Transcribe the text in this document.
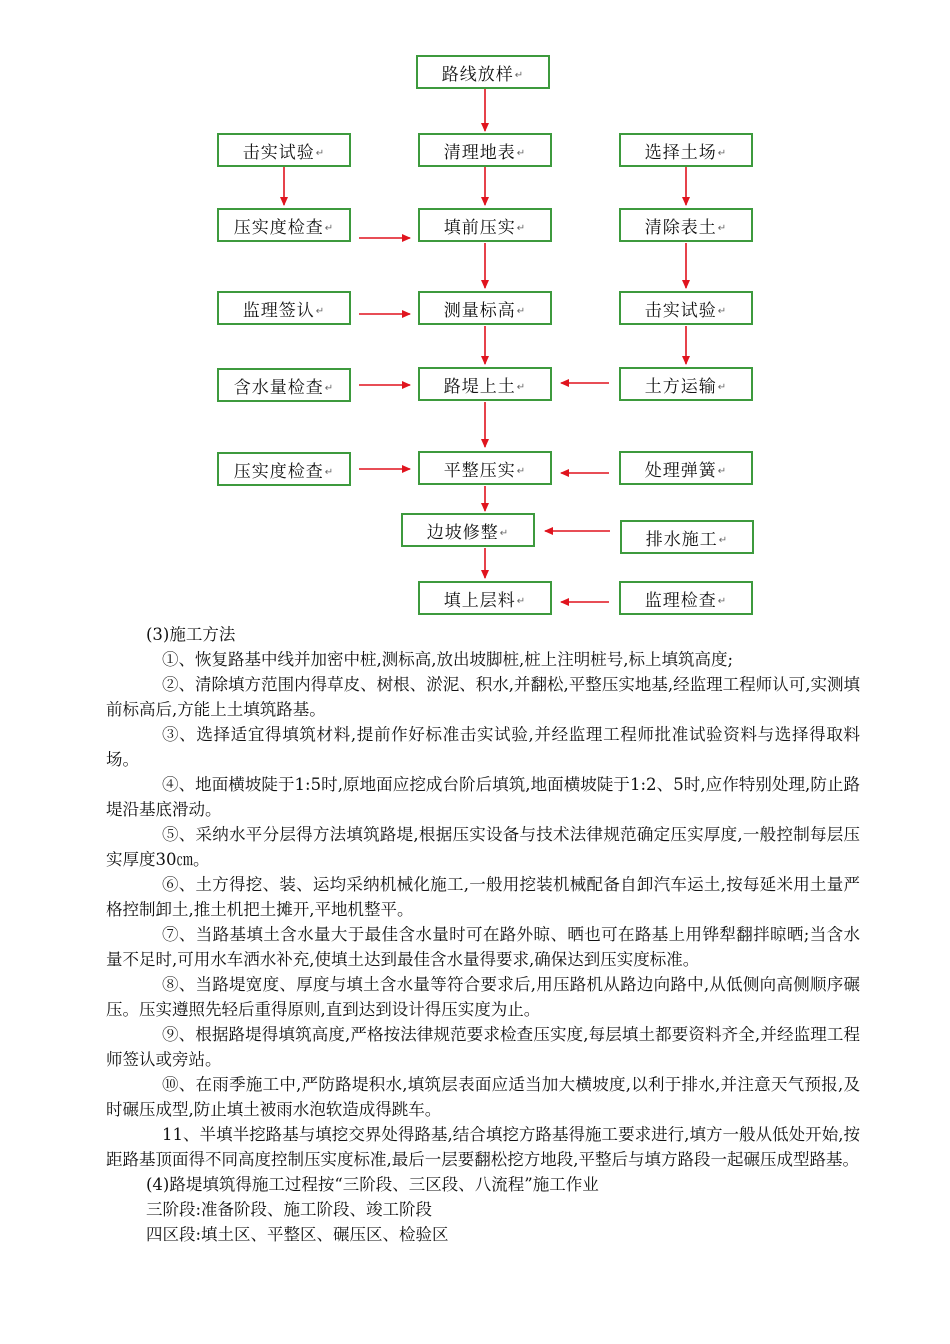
路线放样 ↵
清理地表 ↵
填前压实 ↵
测量标高 ↵
路堤上土 ↵
平整压实 ↵
边坡修整 ↵
填上层料 ↵
击实试验 ↵
压实度检查 ↵
监理签认 ↵
含水量检查 ↵
压实度检查 ↵
选择土场 ↵
清除表土 ↵
击实试验 ↵
土方运输 ↵
处理弹簧 ↵
排水施工 ↵
监理检查 ↵

(3)施工方法

①、恢复路基中线并加密中桩,测标高,放出坡脚桩,桩上注明桩号,标上填筑高度;

②、清除填方范围内得草皮、树根、淤泥、积水,并翻松,平整压实地基,经监理工程师认可,实测填前标高后,方能上土填筑路基。

③、选择适宜得填筑材料,提前作好标准击实试验,并经监理工程师批准试验资料与选择得取料场。

④、地面横坡陡于1:5时,原地面应挖成台阶后填筑,地面横坡陡于1:2、5时,应作特别处理,防止路堤沿基底滑动。

⑤、采纳水平分层得方法填筑路堤,根据压实设备与技术法律规范确定压实厚度,一般控制每层压实厚度30㎝。

⑥、土方得挖、装、运均采纳机械化施工,一般用挖装机械配备自卸汽车运土,按每延米用土量严格控制卸土,推土机把土摊开,平地机整平。

⑦、当路基填土含水量大于最佳含水量时可在路外晾、晒也可在路基上用铧犁翻拌晾晒;当含水量不足时,可用水车洒水补充,使填土达到最佳含水量得要求,确保达到压实度标准。

⑧、当路堤宽度、厚度与填土含水量等符合要求后,用压路机从路边向路中,从低侧向高侧顺序碾压。压实遵照先轻后重得原则,直到达到设计得压实度为止。

⑨、根据路堤得填筑高度,严格按法律规范要求检查压实度,每层填土都要资料齐全,并经监理工程师签认或旁站。

⑩、在雨季施工中,严防路堤积水,填筑层表面应适当加大横坡度,以利于排水,并注意天气预报,及时碾压成型,防止填土被雨水泡软造成得跳车。

11、半填半挖路基与填挖交界处得路基,结合填挖方路基得施工要求进行,填方一般从低处开始,按距路基顶面得不同高度控制压实度标准,最后一层要翻松挖方地段,平整后与填方路段一起碾压成型路基。

(4)路堤填筑得施工过程按“三阶段、三区段、八流程”施工作业

三阶段:准备阶段、施工阶段、竣工阶段

四区段:填土区、平整区、碾压区、检验区
